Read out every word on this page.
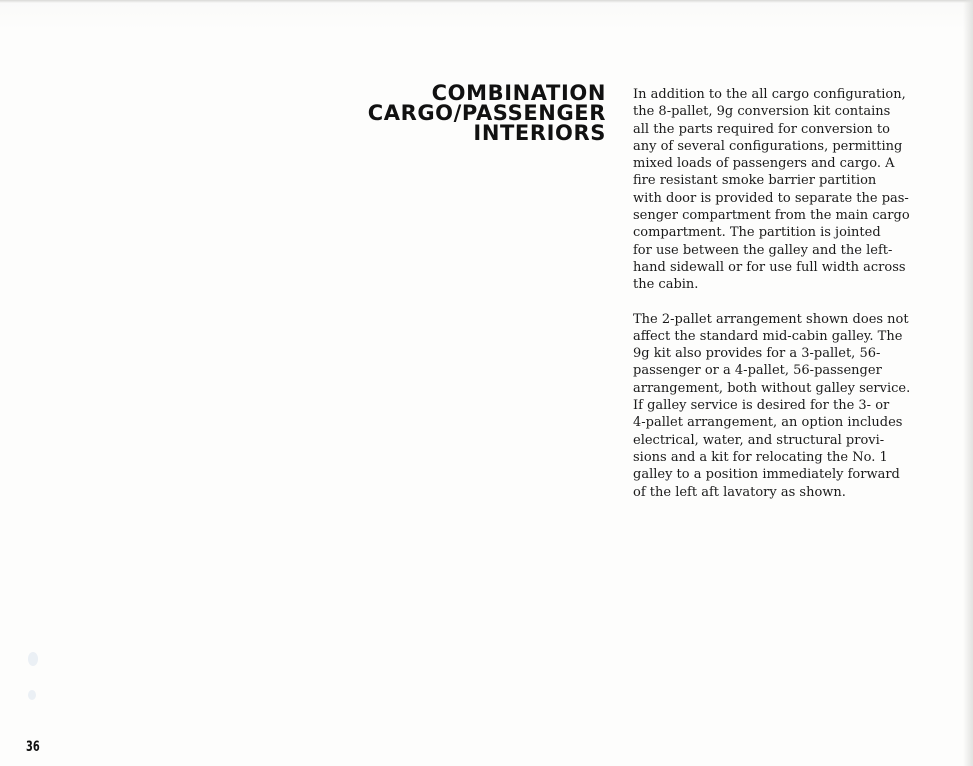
COMBINATION
CARGO/PASSENGER
INTERIORS

In addition to the all cargo configuration,
the 8-pallet, 9g conversion kit contains
all the parts required for conversion to
any of several configurations, permitting
mixed loads of passengers and cargo. A
fire resistant smoke barrier partition
with door is provided to separate the pas-
senger compartment from the main cargo
compartment. The partition is jointed
for use between the galley and the left-
hand sidewall or for use full width across
the cabin.

The 2-pallet arrangement shown does not
affect the standard mid-cabin galley. The
9g kit also provides for a 3-pallet, 56-
passenger or a 4-pallet, 56-passenger
arrangement, both without galley service.
If galley service is desired for the 3- or
4-pallet arrangement, an option includes
electrical, water, and structural provi-
sions and a kit for relocating the No. 1
galley to a position immediately forward
of the left aft lavatory as shown.

36
